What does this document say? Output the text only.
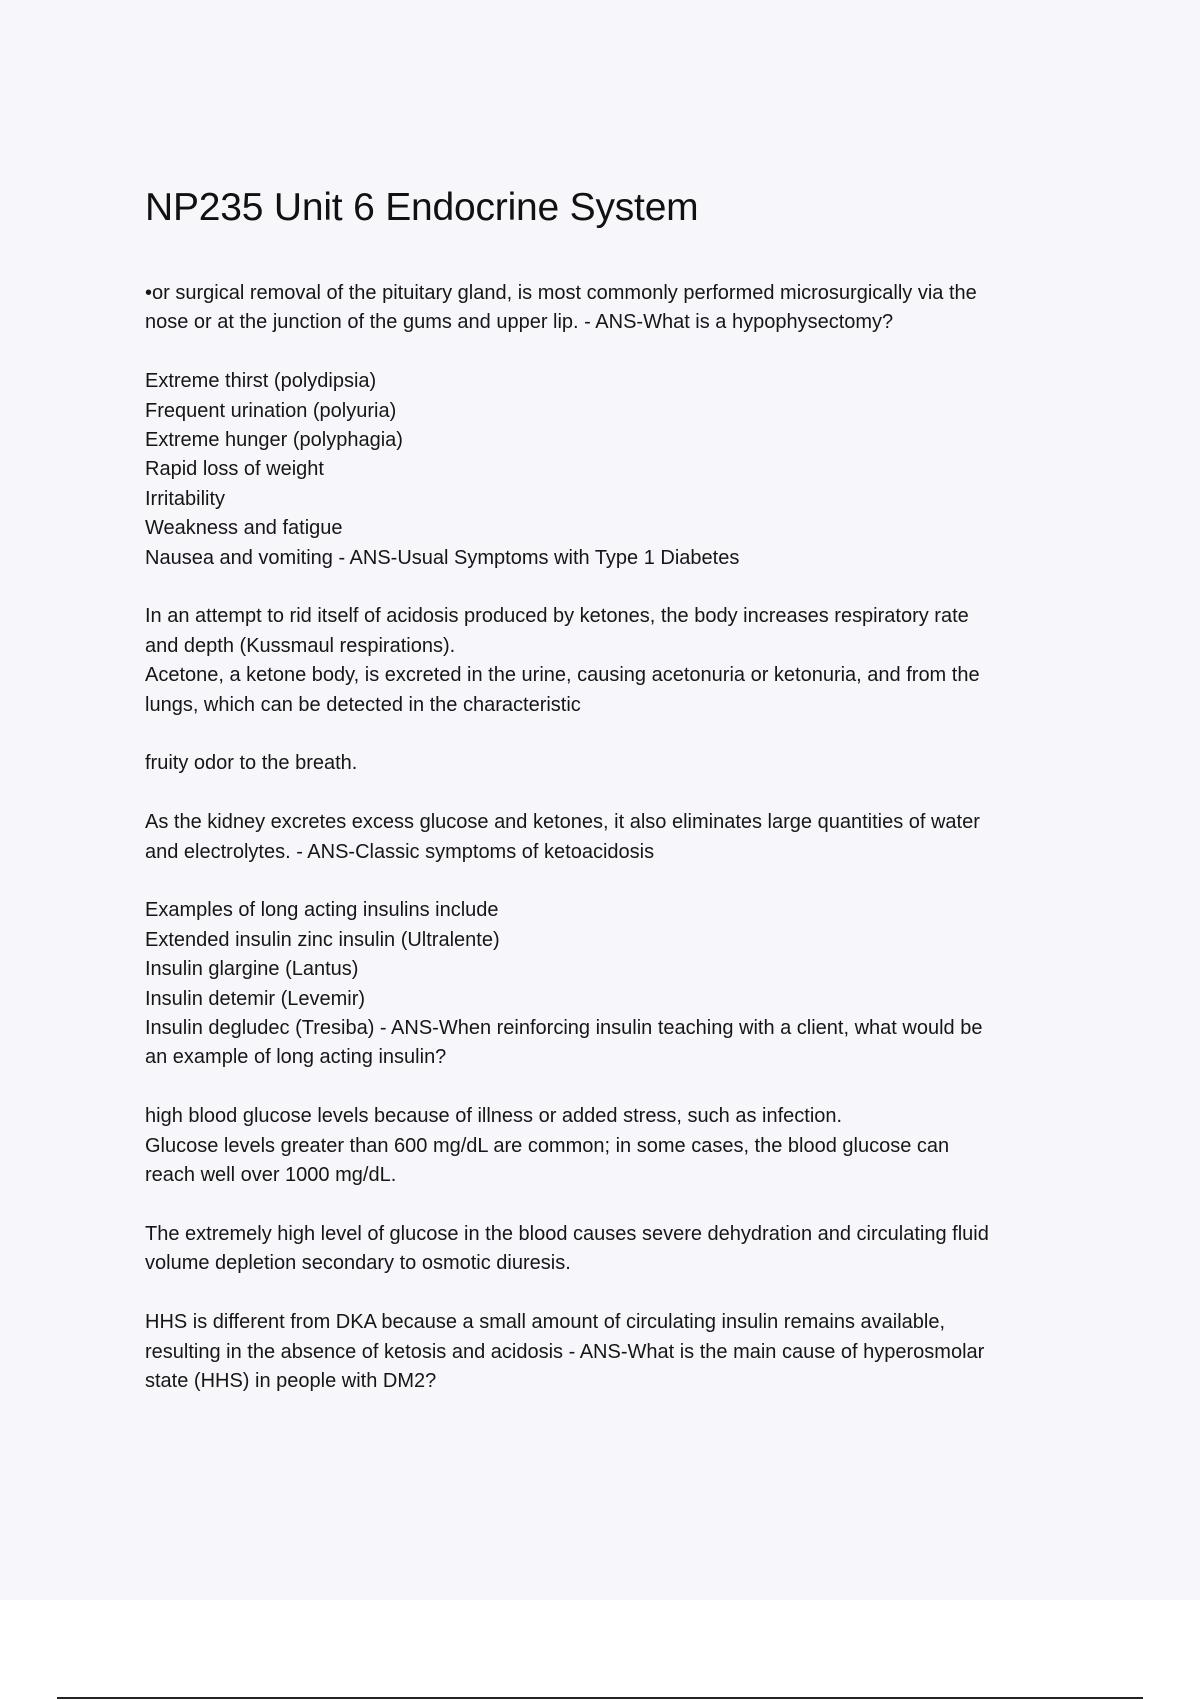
NP235 Unit 6 Endocrine System
•or surgical removal of the pituitary gland, is most commonly performed microsurgically via the
nose or at the junction of the gums and upper lip. - ANS-What is a hypophysectomy?
Extreme thirst (polydipsia)
Frequent urination (polyuria)
Extreme hunger (polyphagia)
Rapid loss of weight
Irritability
Weakness and fatigue
Nausea and vomiting - ANS-Usual Symptoms with Type 1 Diabetes
In an attempt to rid itself of acidosis produced by ketones, the body increases respiratory rate
and depth (Kussmaul respirations).
Acetone, a ketone body, is excreted in the urine, causing acetonuria or ketonuria, and from the
lungs, which can be detected in the characteristic
fruity odor to the breath.
As the kidney excretes excess glucose and ketones, it also eliminates large quantities of water
and electrolytes. - ANS-Classic symptoms of ketoacidosis
Examples of long acting insulins include
Extended insulin zinc insulin (Ultralente)
Insulin glargine (Lantus)
Insulin detemir (Levemir)
Insulin degludec (Tresiba) - ANS-When reinforcing insulin teaching with a client, what would be
an example of long acting insulin?
high blood glucose levels because of illness or added stress, such as infection.
Glucose levels greater than 600 mg/dL are common; in some cases, the blood glucose can
reach well over 1000 mg/dL.
The extremely high level of glucose in the blood causes severe dehydration and circulating fluid
volume depletion secondary to osmotic diuresis.
HHS is different from DKA because a small amount of circulating insulin remains available,
resulting in the absence of ketosis and acidosis - ANS-What is the main cause of hyperosmolar
state (HHS) in people with DM2?
